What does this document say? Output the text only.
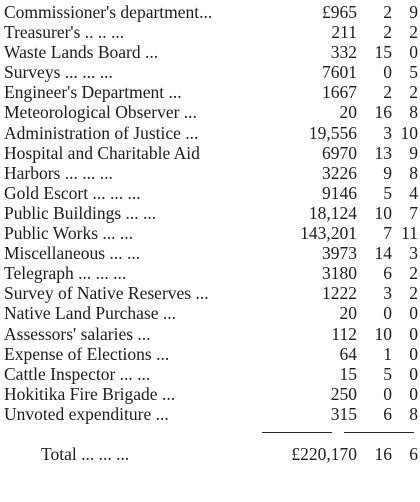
Commissioner's department...	£965	2 9
Treasurer's .. .. ...	211	2 2
Waste Lands Board ...	332	15 0
Surveys ... ... ...	7601	0 5
Engineer's Department ...	1667	2 2
Meteorological Observer ...	20	16 8
Administration of Justice ...	19,556	3 10
Hospital and Charitable Aid	6970	13 9
Harbors ... ... ...	3226	9 8
Gold Escort ... ... ...	9146	5 4
Public Buildings ... ...	18,124	10 7
Public Works ... ...	143,201	7 11
Miscellaneous ... ...	3973	14 3
Telegraph ... ... ...	3180	6 2
Survey of Native Reserves ...	1222	3 2
Native Land Purchase ...	20	0 0
Assessors' salaries ...	112	10 0
Expense of Elections ...	64	1 0
Cattle Inspector ... ...	15	5 0
Hokitika Fire Brigade ...	250	0 0
Unvoted expenditure ...	315	6 8
Total ... ... ...	£220,170	16 6
